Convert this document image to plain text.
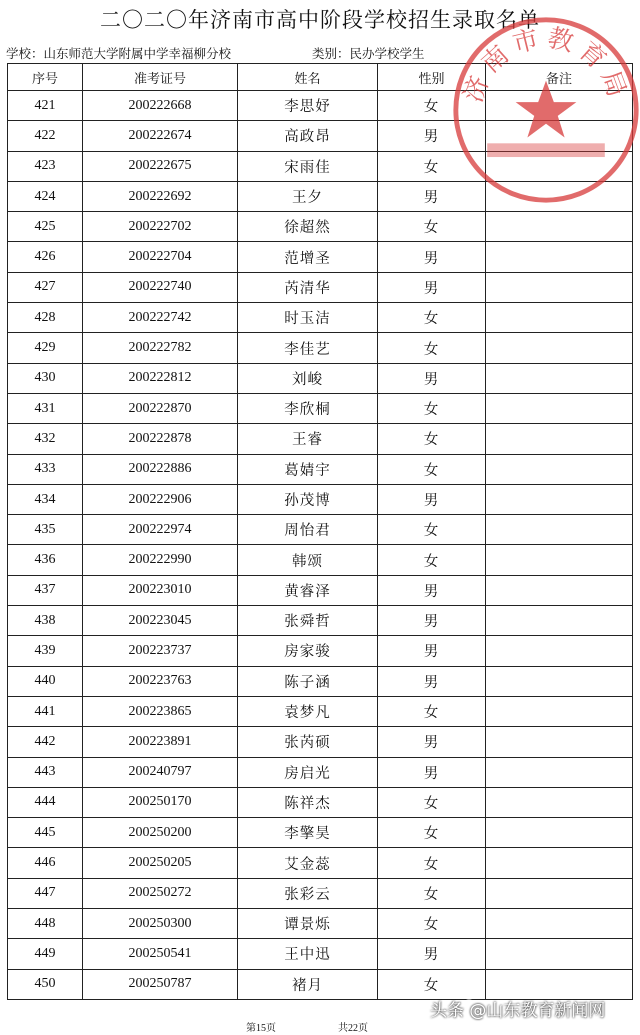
二〇二〇年济南市高中阶段学校招生录取名单
学校：山东师范大学附属中学幸福柳分校	类别：民办学校学生
序号	准考证号	姓名	性别	备注
421	200222668	李思妤	女	
422	200222674	高政昂	男	
423	200222675	宋雨佳	女	
424	200222692	王夕	男	
425	200222702	徐超然	女	
426	200222704	范增圣	男	
427	200222740	芮清华	男	
428	200222742	时玉洁	女	
429	200222782	李佳艺	女	
430	200222812	刘峻	男	
431	200222870	李欣桐	女	
432	200222878	王睿	女	
433	200222886	葛婧宇	女	
434	200222906	孙茂博	男	
435	200222974	周怡君	女	
436	200222990	韩颂	女	
437	200223010	黄睿泽	男	
438	200223045	张舜哲	男	
439	200223737	房家骏	男	
440	200223763	陈子涵	男	
441	200223865	袁梦凡	女	
442	200223891	张芮硕	男	
443	200240797	房启光	男	
444	200250170	陈祥杰	女	
445	200250200	李擎昊	女	
446	200250205	艾金蕊	女	
447	200250272	张彩云	女	
448	200250300	谭景烁	女	
449	200250541	王中迅	男	
450	200250787	褚月	女	
济南市教育局
头条 @山东教育新闻网
第15页	共22页
